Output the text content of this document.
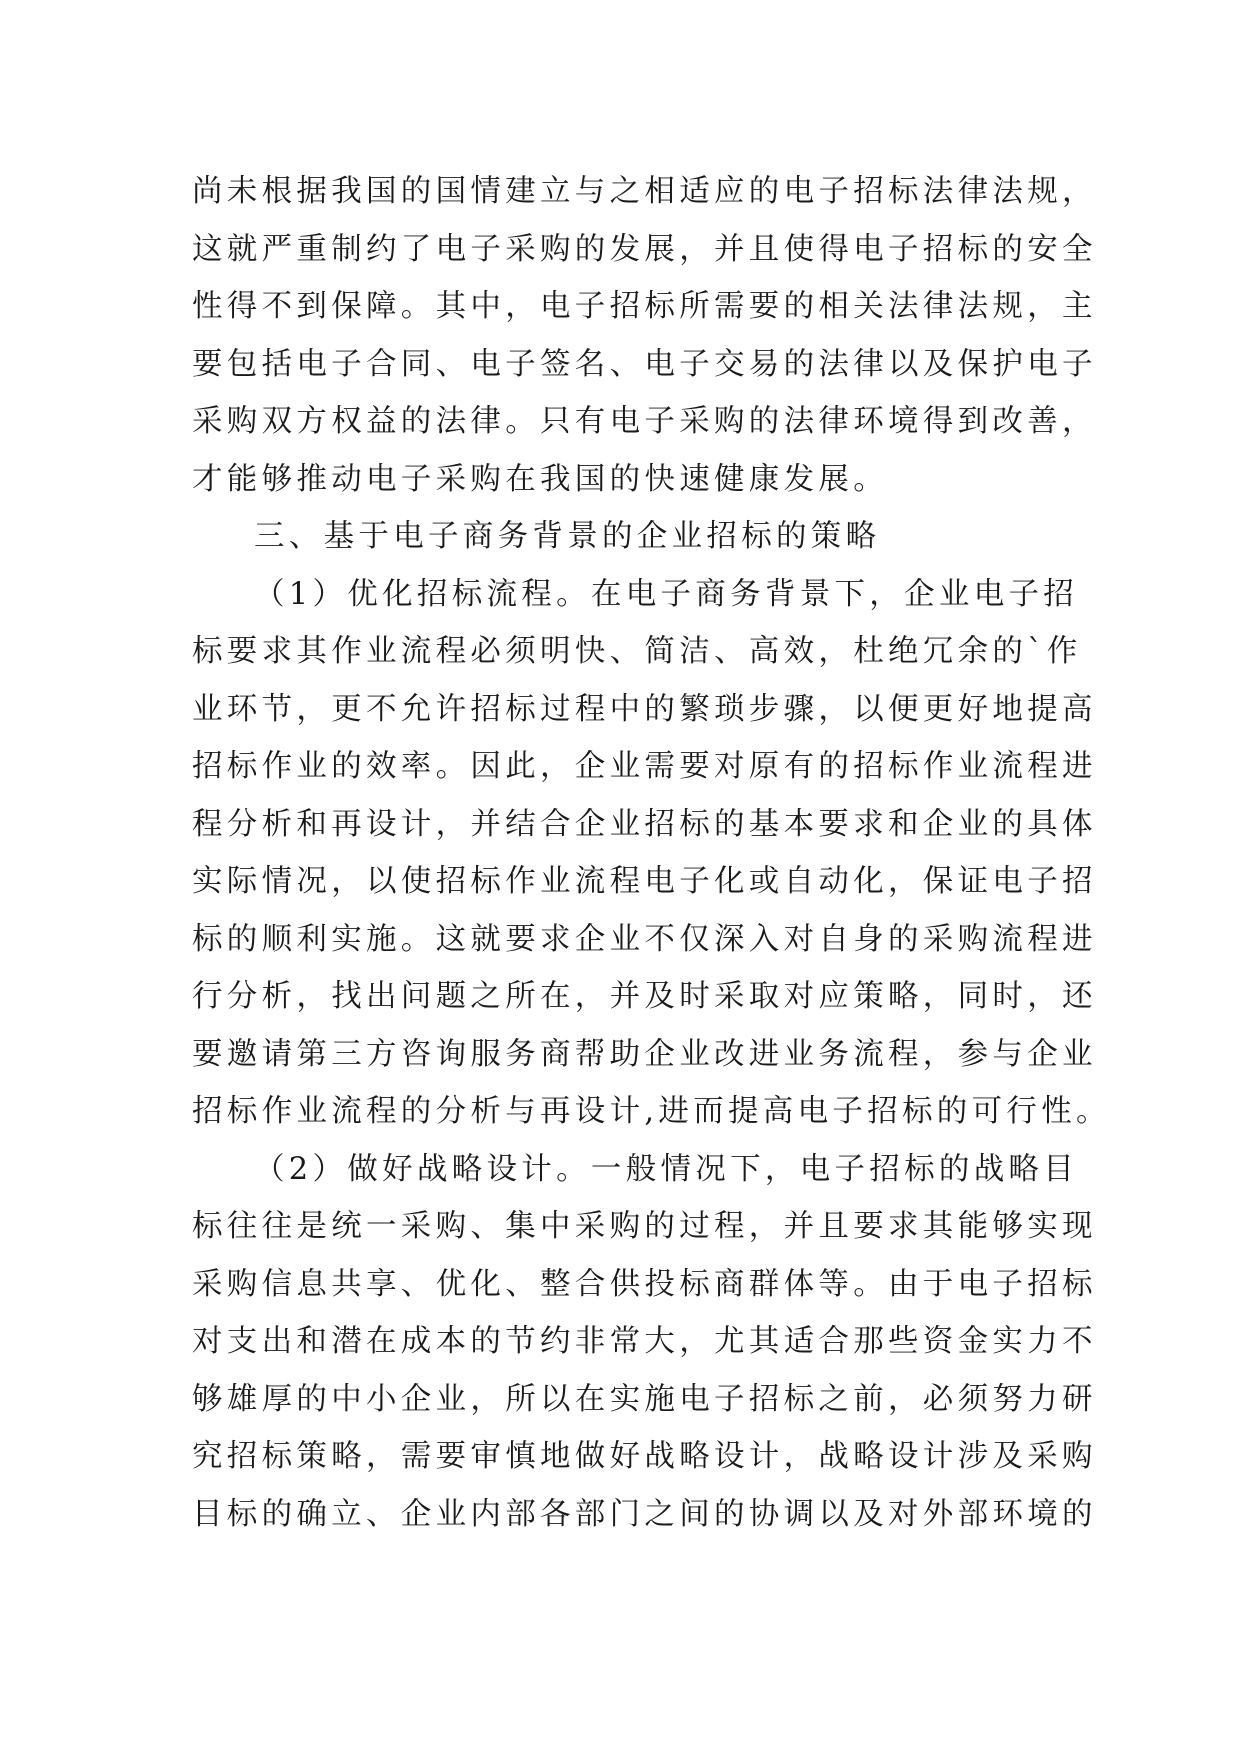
尚未根据我国的国情建立与之相适应的电子招标法律法规，
这就严重制约了电子采购的发展，并且使得电子招标的安全
性得不到保障。其中，电子招标所需要的相关法律法规，主
要包括电子合同、电子签名、电子交易的法律以及保护电子
采购双方权益的法律。只有电子采购的法律环境得到改善，
才能够推动电子采购在我国的快速健康发展。
三、基于电子商务背景的企业招标的策略
（1）优化招标流程。在电子商务背景下，企业电子招
标要求其作业流程必须明快、简洁、高效，杜绝冗余的`作
业环节，更不允许招标过程中的繁琐步骤，以便更好地提高
招标作业的效率。因此，企业需要对原有的招标作业流程进
程分析和再设计，并结合企业招标的基本要求和企业的具体
实际情况，以使招标作业流程电子化或自动化，保证电子招
标的顺利实施。这就要求企业不仅深入对自身的采购流程进
行分析，找出问题之所在，并及时采取对应策略，同时，还
要邀请第三方咨询服务商帮助企业改进业务流程，参与企业
招标作业流程的分析与再设计,进而提高电子招标的可行性。
（2）做好战略设计。一般情况下，电子招标的战略目
标往往是统一采购、集中采购的过程，并且要求其能够实现
采购信息共享、优化、整合供投标商群体等。由于电子招标
对支出和潜在成本的节约非常大，尤其适合那些资金实力不
够雄厚的中小企业，所以在实施电子招标之前，必须努力研
究招标策略，需要审慎地做好战略设计，战略设计涉及采购
目标的确立、企业内部各部门之间的协调以及对外部环境的
